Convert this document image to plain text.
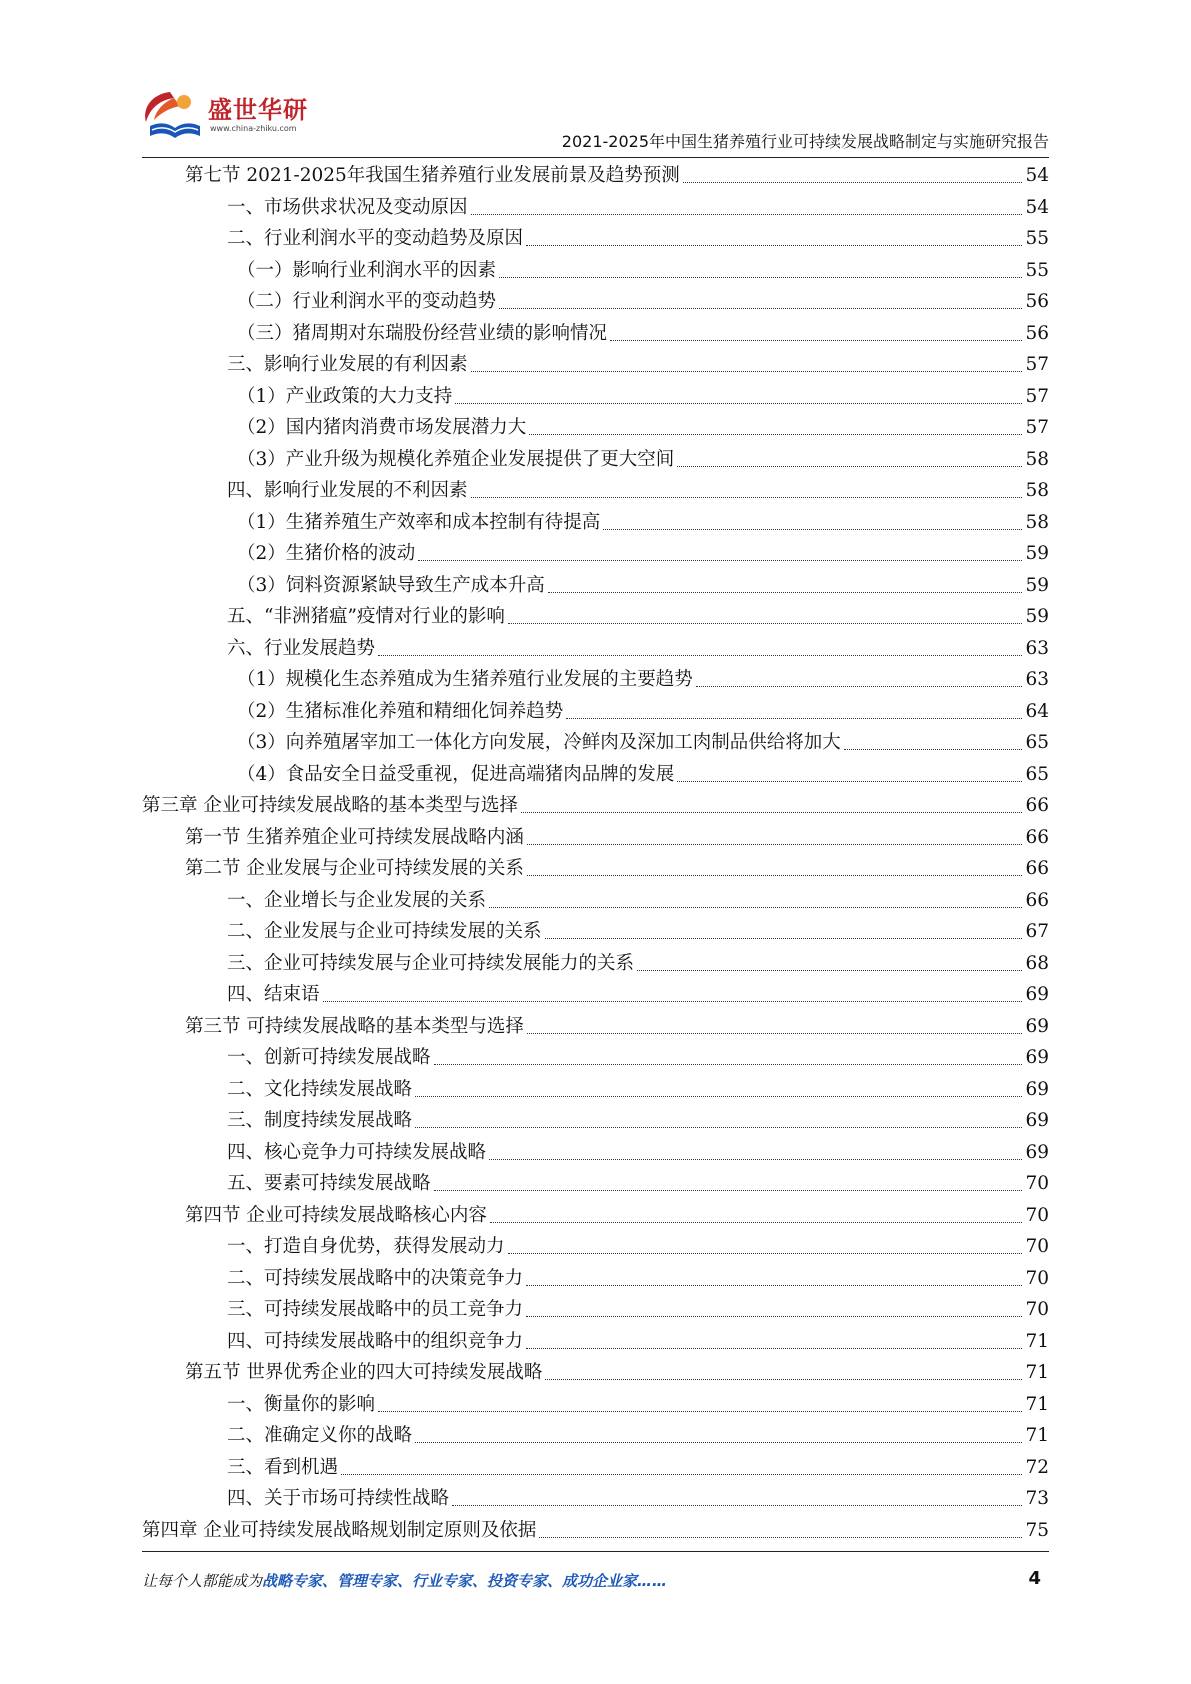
盛世华研
www.china-zhiku.com
2021-2025年中国生猪养殖行业可持续发展战略制定与实施研究报告
第七节 2021-2025年我国生猪养殖行业发展前景及趋势预测	54
一、市场供求状况及变动原因	54
二、行业利润水平的变动趋势及原因	55
（一）影响行业利润水平的因素	55
（二）行业利润水平的变动趋势	56
（三）猪周期对东瑞股份经营业绩的影响情况	56
三、影响行业发展的有利因素	57
（1）产业政策的大力支持	57
（2）国内猪肉消费市场发展潜力大	57
（3）产业升级为规模化养殖企业发展提供了更大空间	58
四、影响行业发展的不利因素	58
（1）生猪养殖生产效率和成本控制有待提高	58
（2）生猪价格的波动	59
（3）饲料资源紧缺导致生产成本升高	59
五、“非洲猪瘟”疫情对行业的影响	59
六、行业发展趋势	63
（1）规模化生态养殖成为生猪养殖行业发展的主要趋势	63
（2）生猪标准化养殖和精细化饲养趋势	64
（3）向养殖屠宰加工一体化方向发展，冷鲜肉及深加工肉制品供给将加大	65
（4）食品安全日益受重视，促进高端猪肉品牌的发展	65
第三章 企业可持续发展战略的基本类型与选择	66
第一节 生猪养殖企业可持续发展战略内涵	66
第二节 企业发展与企业可持续发展的关系	66
一、企业增长与企业发展的关系	66
二、企业发展与企业可持续发展的关系	67
三、企业可持续发展与企业可持续发展能力的关系	68
四、结束语	69
第三节 可持续发展战略的基本类型与选择	69
一、创新可持续发展战略	69
二、文化持续发展战略	69
三、制度持续发展战略	69
四、核心竞争力可持续发展战略	69
五、要素可持续发展战略	70
第四节 企业可持续发展战略核心内容	70
一、打造自身优势，获得发展动力	70
二、可持续发展战略中的决策竞争力	70
三、可持续发展战略中的员工竞争力	70
四、可持续发展战略中的组织竞争力	71
第五节 世界优秀企业的四大可持续发展战略	71
一、衡量你的影响	71
二、准确定义你的战略	71
三、看到机遇	72
四、关于市场可持续性战略	73
第四章 企业可持续发展战略规划制定原则及依据	75
让每个人都能成为战略专家、管理专家、行业专家、投资专家、成功企业家……	4
